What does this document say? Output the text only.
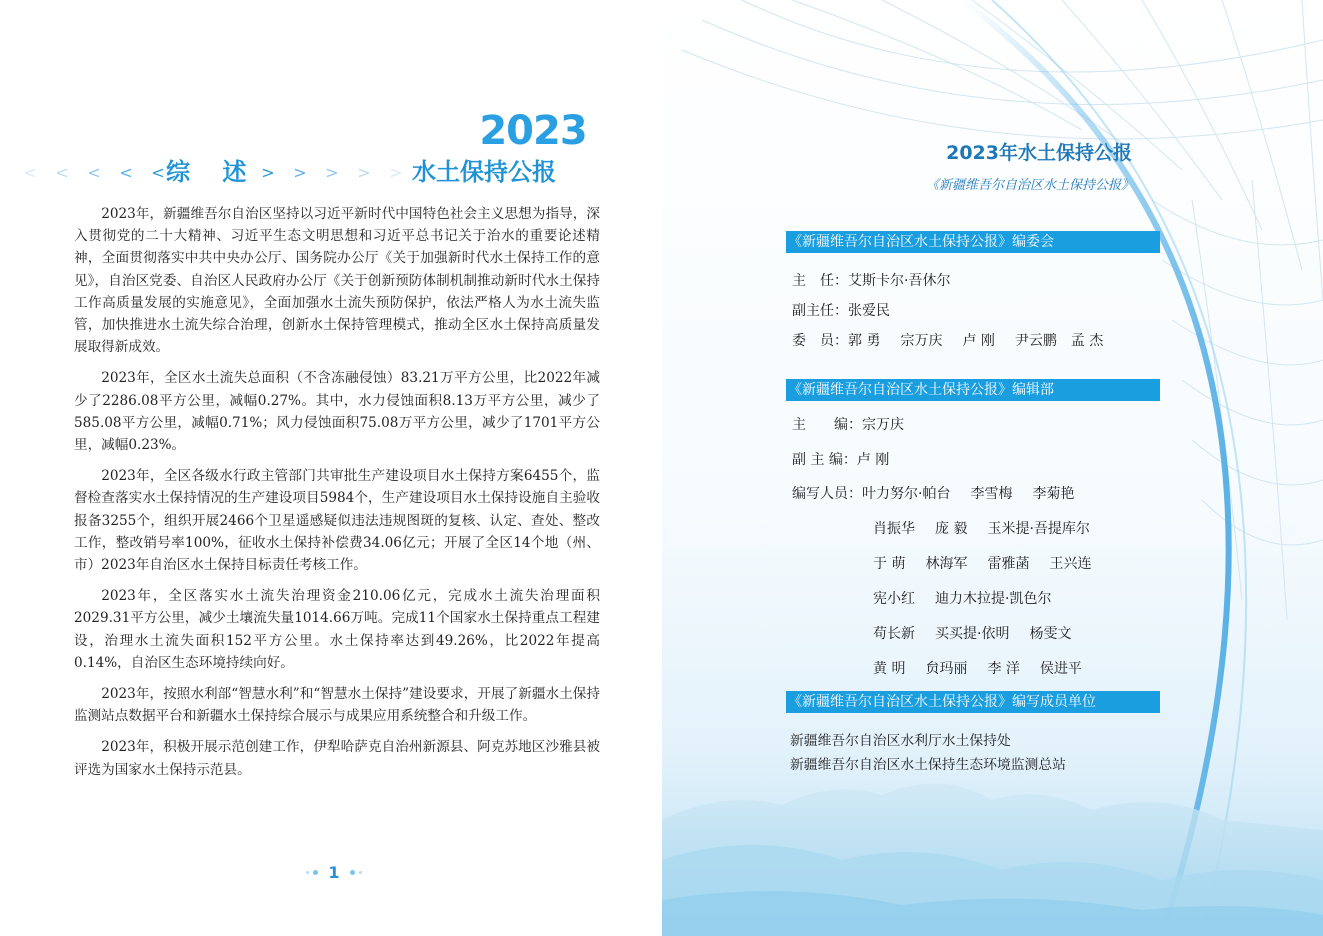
2023
水土保持公报
< < < < < 综 述 > > > > >

2023年，新疆维吾尔自治区坚持以习近平新时代中国特色社会主义思想为指导，深入贯彻党的二十大精神、习近平生态文明思想和习近平总书记关于治水的重要论述精神，全面贯彻落实中共中央办公厅、国务院办公厅《关于加强新时代水土保持工作的意见》，自治区党委、自治区人民政府办公厅《关于创新预防体制机制推动新时代水土保持工作高质量发展的实施意见》，全面加强水土流失预防保护，依法严格人为水土流失监管，加快推进水土流失综合治理，创新水土保持管理模式，推动全区水土保持高质量发展取得新成效。

2023年，全区水土流失总面积（不含冻融侵蚀）83.21万平方公里，比2022年减少了2286.08平方公里，减幅0.27%。其中，水力侵蚀面积8.13万平方公里，减少了585.08平方公里，减幅0.71%；风力侵蚀面积75.08万平方公里，减少了1701平方公里，减幅0.23%。

2023年，全区各级水行政主管部门共审批生产建设项目水土保持方案6455个，监督检查落实水土保持情况的生产建设项目5984个，生产建设项目水土保持设施自主验收报备3255个，组织开展2466个卫星遥感疑似违法违规图斑的复核、认定、查处、整改工作，整改销号率100%，征收水土保持补偿费34.06亿元；开展了全区14个地（州、市）2023年自治区水土保持目标责任考核工作。

2023年，全区落实水土流失治理资金210.06亿元，完成水土流失治理面积2029.31平方公里，减少土壤流失量1014.66万吨。完成11个国家水土保持重点工程建设，治理水土流失面积152平方公里。水土保持率达到49.26%，比2022年提高0.14%，自治区生态环境持续向好。

2023年，按照水利部“智慧水利”和“智慧水土保持”建设要求，开展了新疆水土保持监测站点数据平台和新疆水土保持综合展示与成果应用系统整合和升级工作。

2023年，积极开展示范创建工作，伊犁哈萨克自治州新源县、阿克苏地区沙雅县被评选为国家水土保持示范县。

1
2023年水土保持公报
《新疆维吾尔自治区水土保持公报》
《新疆维吾尔自治区水土保持公报》编委会
主　任：艾斯卡尔·吾休尔
副主任：张爱民
委　员：郭 勇 宗万庆 卢 刚 尹云鹏 孟 杰
《新疆维吾尔自治区水土保持公报》编辑部
主　　编：宗万庆
副 主 编：卢 刚
编写人员：叶力努尔·帕台 李雪梅 李菊艳
肖振华 庞 毅 玉米提·吾提库尔
于 萌 林海军 雷雅菡 王兴连
宪小红 迪力木拉提·凯色尔
苟长新 买买提·依明 杨雯文
黄 明 贠玛丽 李 洋 侯进平
《新疆维吾尔自治区水土保持公报》编写成员单位
新疆维吾尔自治区水利厅水土保持处
新疆维吾尔自治区水土保持生态环境监测总站
